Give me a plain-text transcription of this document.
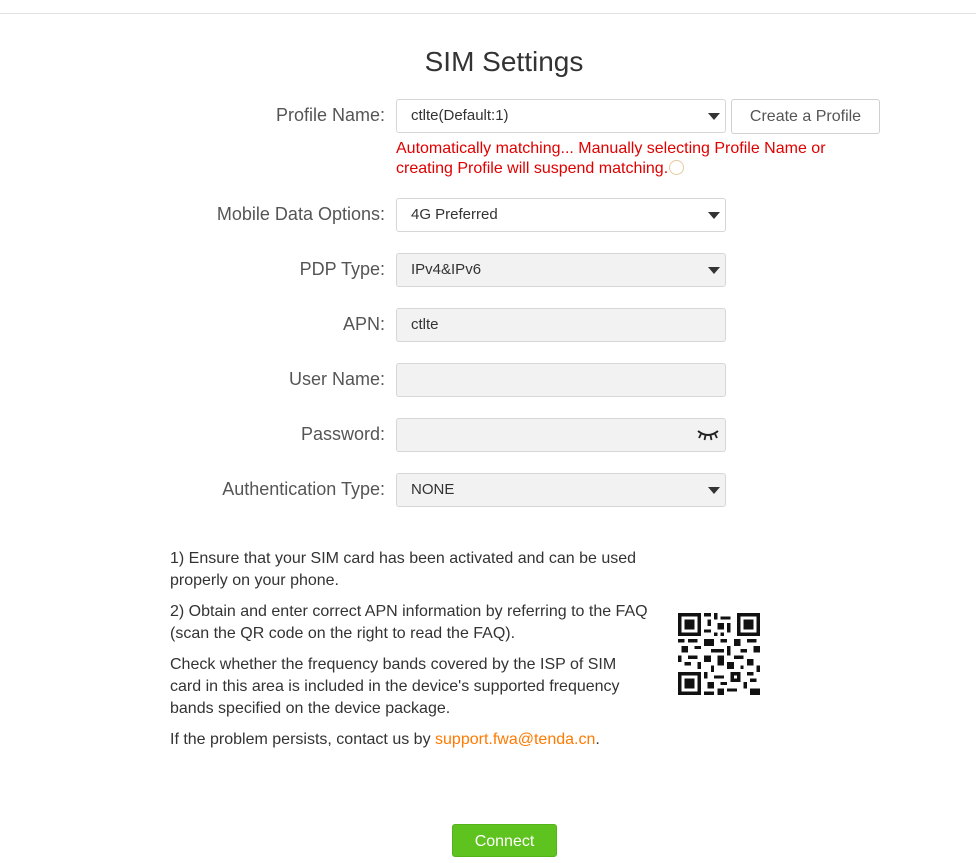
SIM Settings
Profile Name:	ctlte(Default:1)	Create a Profile
Automatically matching... Manually selecting Profile Name or creating Profile will suspend matching.
Mobile Data Options:	4G Preferred
PDP Type:	IPv4&IPv6
APN:	ctlte
User Name:
Password:
Authentication Type:	NONE
1) Ensure that your SIM card has been activated and can be used properly on your phone.
2) Obtain and enter correct APN information by referring to the FAQ (scan the QR code on the right to read the FAQ).
Check whether the frequency bands covered by the ISP of SIM card in this area is included in the device's supported frequency bands specified on the device package.
If the problem persists, contact us by support.fwa@tenda.cn.
Connect
